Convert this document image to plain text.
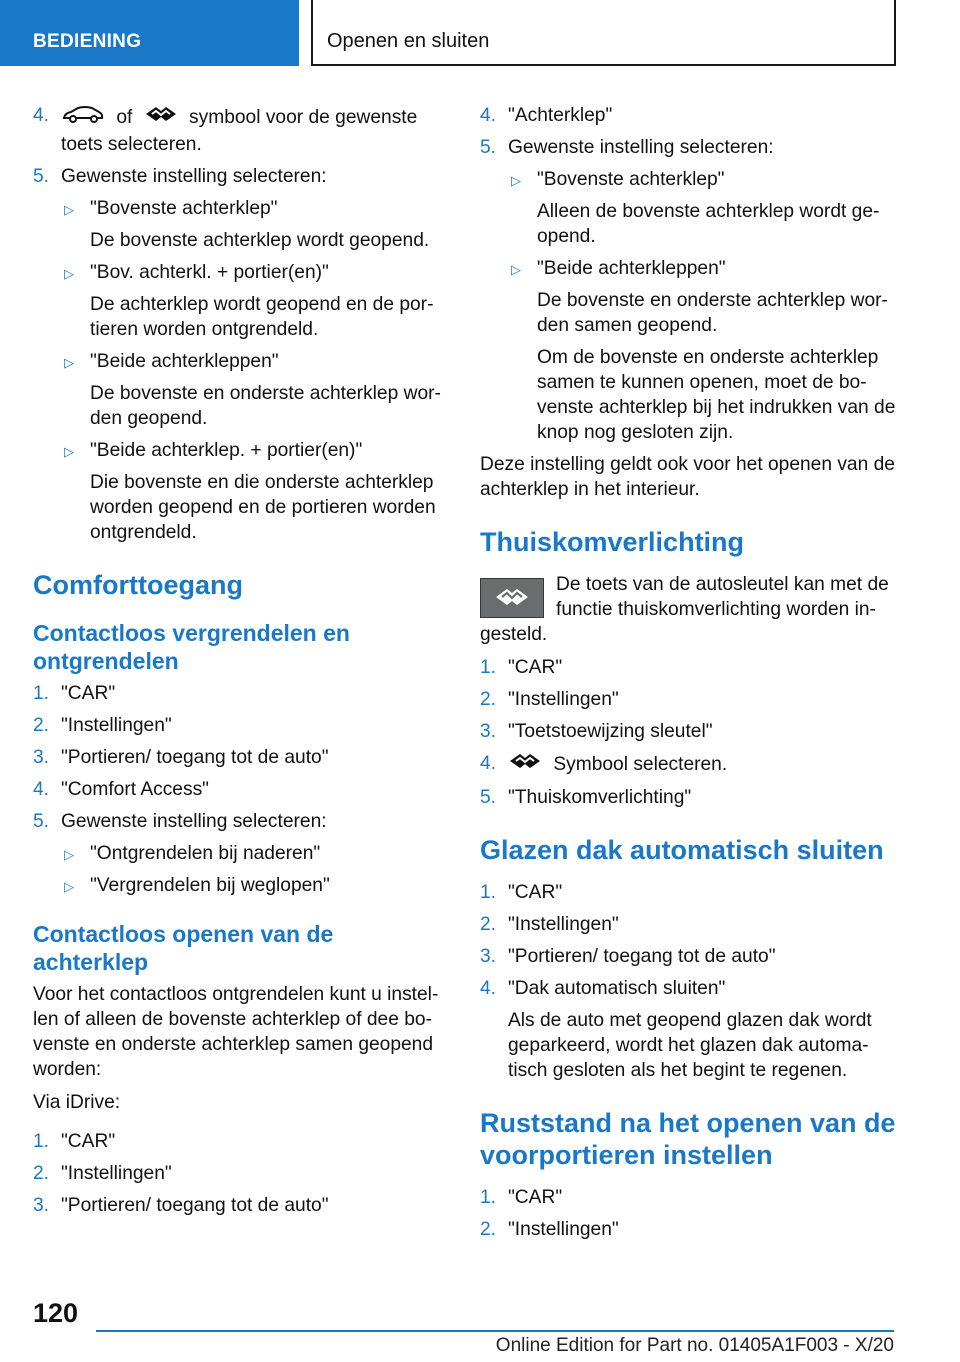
BEDIENING	Openen en sluiten
4.	of	symbool voor de gewenste toets selecteren.
5. Gewenste instelling selecteren:
▷ "Bovenste achterklep"
De bovenste achterklep wordt geopend.
▷ "Bov. achterkl. + portier(en)"
De achterklep wordt geopend en de por- tieren worden ontgrendeld.
▷ "Beide achterkleppen"
De bovenste en onderste achterklep wor- den geopend.
▷ "Beide achterklep. + portier(en)"
Die bovenste en die onderste achterklep worden geopend en de portieren worden ontgrendeld.
Comforttoegang
Contactloos vergrendelen en ontgrendelen
1. "CAR"
2. "Instellingen"
3. "Portieren/ toegang tot de auto"
4. "Comfort Access"
5. Gewenste instelling selecteren:
▷ "Ontgrendelen bij naderen"
▷ "Vergrendelen bij weglopen"
Contactloos openen van de achterklep

Voor het contactloos ontgrendelen kunt u instel- len of alleen de bovenste achterklep of dee bo- venste en onderste achterklep samen geopend worden:

Via iDrive:

1. "CAR"
2. "Instellingen"
3. "Portieren/ toegang tot de auto"
4. "Achterklep"
5. Gewenste instelling selecteren:
▷ "Bovenste achterklep"
Alleen de bovenste achterklep wordt ge- opend.
▷ "Beide achterkleppen"
De bovenste en onderste achterklep wor- den samen geopend.
Om de bovenste en onderste achterklep samen te kunnen openen, moet de bo- venste achterklep bij het indrukken van de knop nog gesloten zijn.

Deze instelling geldt ook voor het openen van de achterklep in het interieur.

Thuiskomverlichting
De toets van de autosleutel kan met de functie thuiskomverlichting worden in- gesteld.
1. "CAR"
2. "Instellingen"
3. "Toetstoewijzing sleutel"
4.	Symbool selecteren.
5. "Thuiskomverlichting"
Glazen dak automatisch sluiten
1. "CAR"
2. "Instellingen"
3. "Portieren/ toegang tot de auto"
4. "Dak automatisch sluiten"
Als de auto met geopend glazen dak wordt geparkeerd, wordt het glazen dak automa- tisch gesloten als het begint te regenen.
Ruststand na het openen van de voorportieren instellen
1. "CAR"
2. "Instellingen"
120
Online Edition for Part no. 01405A1F003 - X/20
